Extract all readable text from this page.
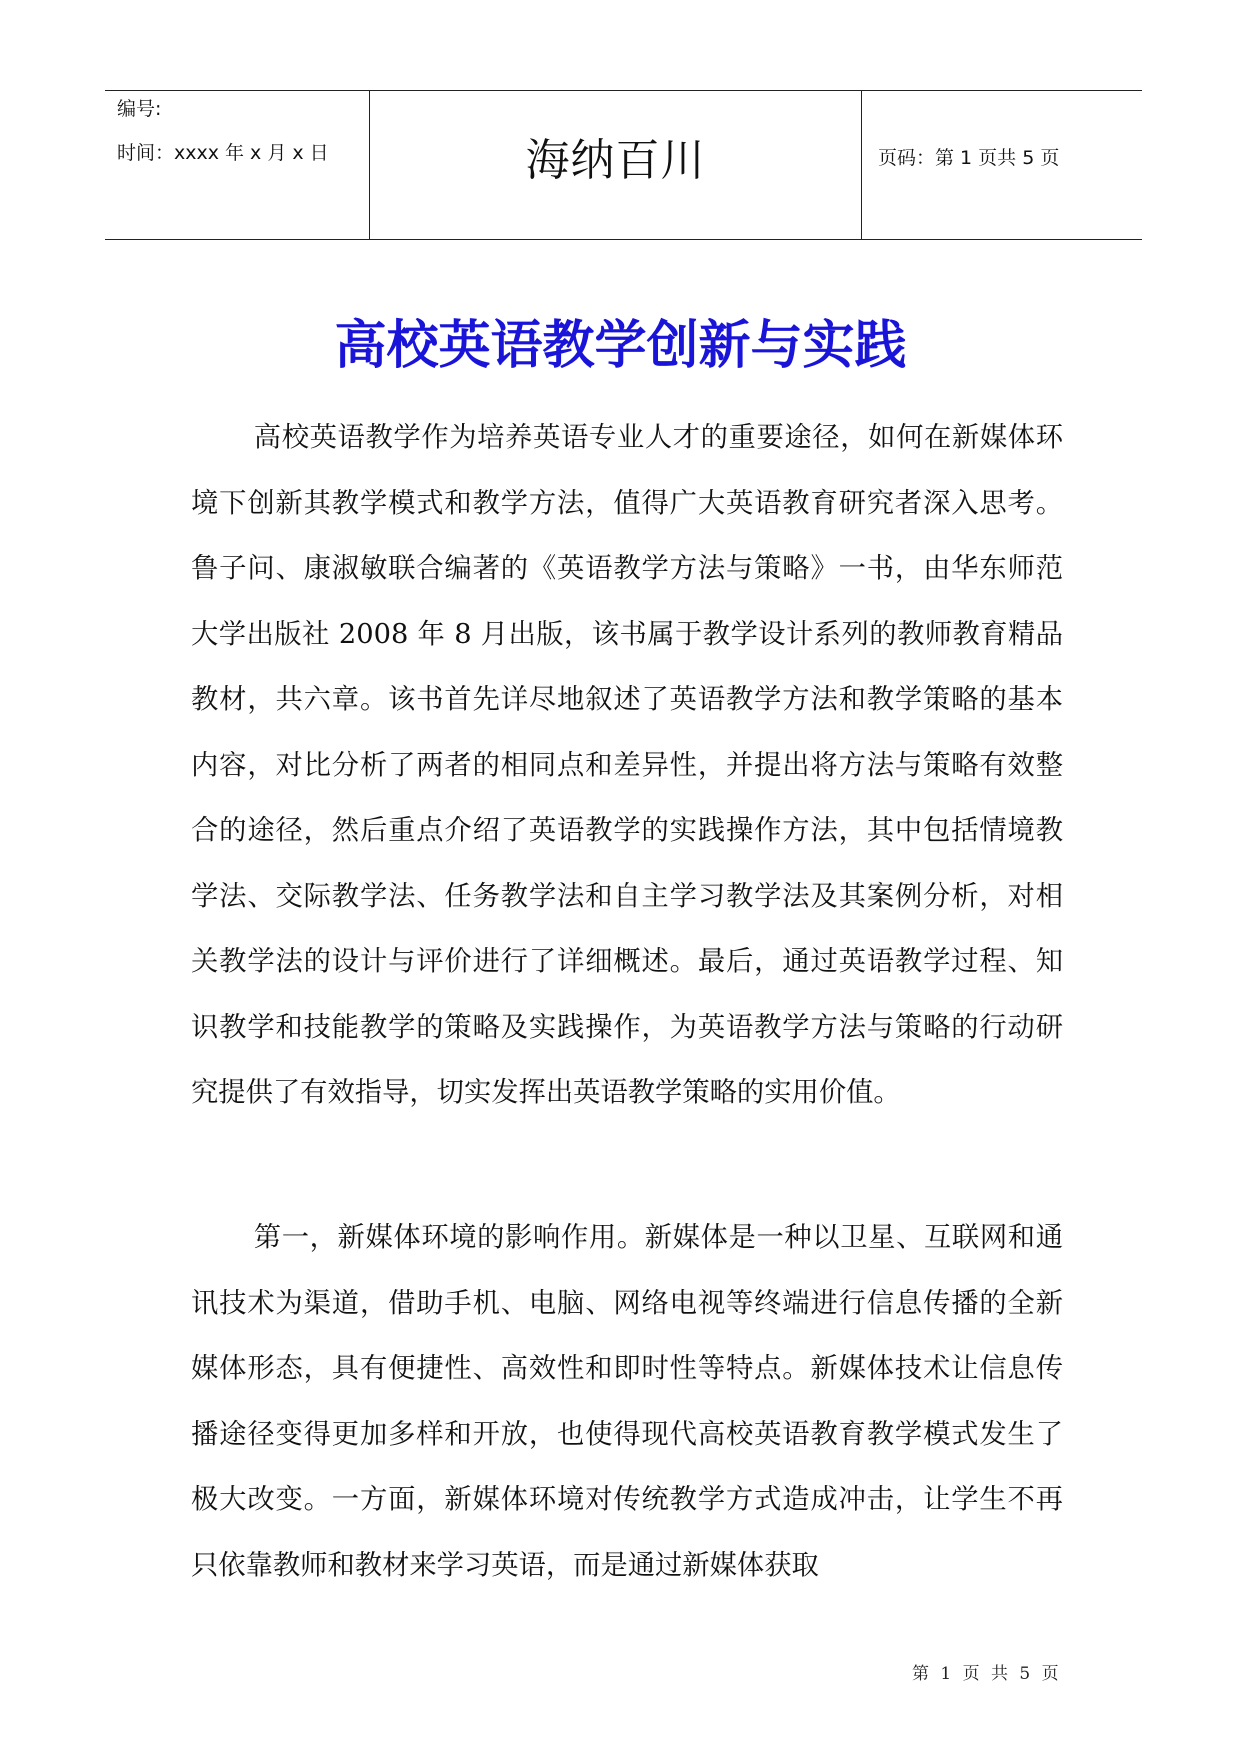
编号:
时间：xxxx 年 x 月 x 日	海纳百川	页码：第 1 页共 5 页
高校英语教学创新与实践

高校英语教学作为培养英语专业人才的重要途径，如何在新媒体环境下创新其教学模式和教学方法，值得广大英语教育研究者深入思考。鲁子问、康淑敏联合编著的《英语教学方法与策略》一书，由华东师范大学出版社 2008 年 8 月出版，该书属于教学设计系列的教师教育精品教材，共六章。该书首先详尽地叙述了英语教学方法和教学策略的基本内容，对比分析了两者的相同点和差异性，并提出将方法与策略有效整合的途径，然后重点介绍了英语教学的实践操作方法，其中包括情境教学法、交际教学法、任务教学法和自主学习教学法及其案例分析，对相关教学法的设计与评价进行了详细概述。最后，通过英语教学过程、知识教学和技能教学的策略及实践操作，为英语教学方法与策略的行动研究提供了有效指导，切实发挥出英语教学策略的实用价值。

第一，新媒体环境的影响作用。新媒体是一种以卫星、互联网和通讯技术为渠道，借助手机、电脑、网络电视等终端进行信息传播的全新媒体形态，具有便捷性、高效性和即时性等特点。新媒体技术让信息传播途径变得更加多样和开放，也使得现代高校英语教育教学模式发生了极大改变。一方面，新媒体环境对传统教学方式造成冲击，让学生不再只依靠教师和教材来学习英语，而是通过新媒体获取

第 1 页 共 5 页
